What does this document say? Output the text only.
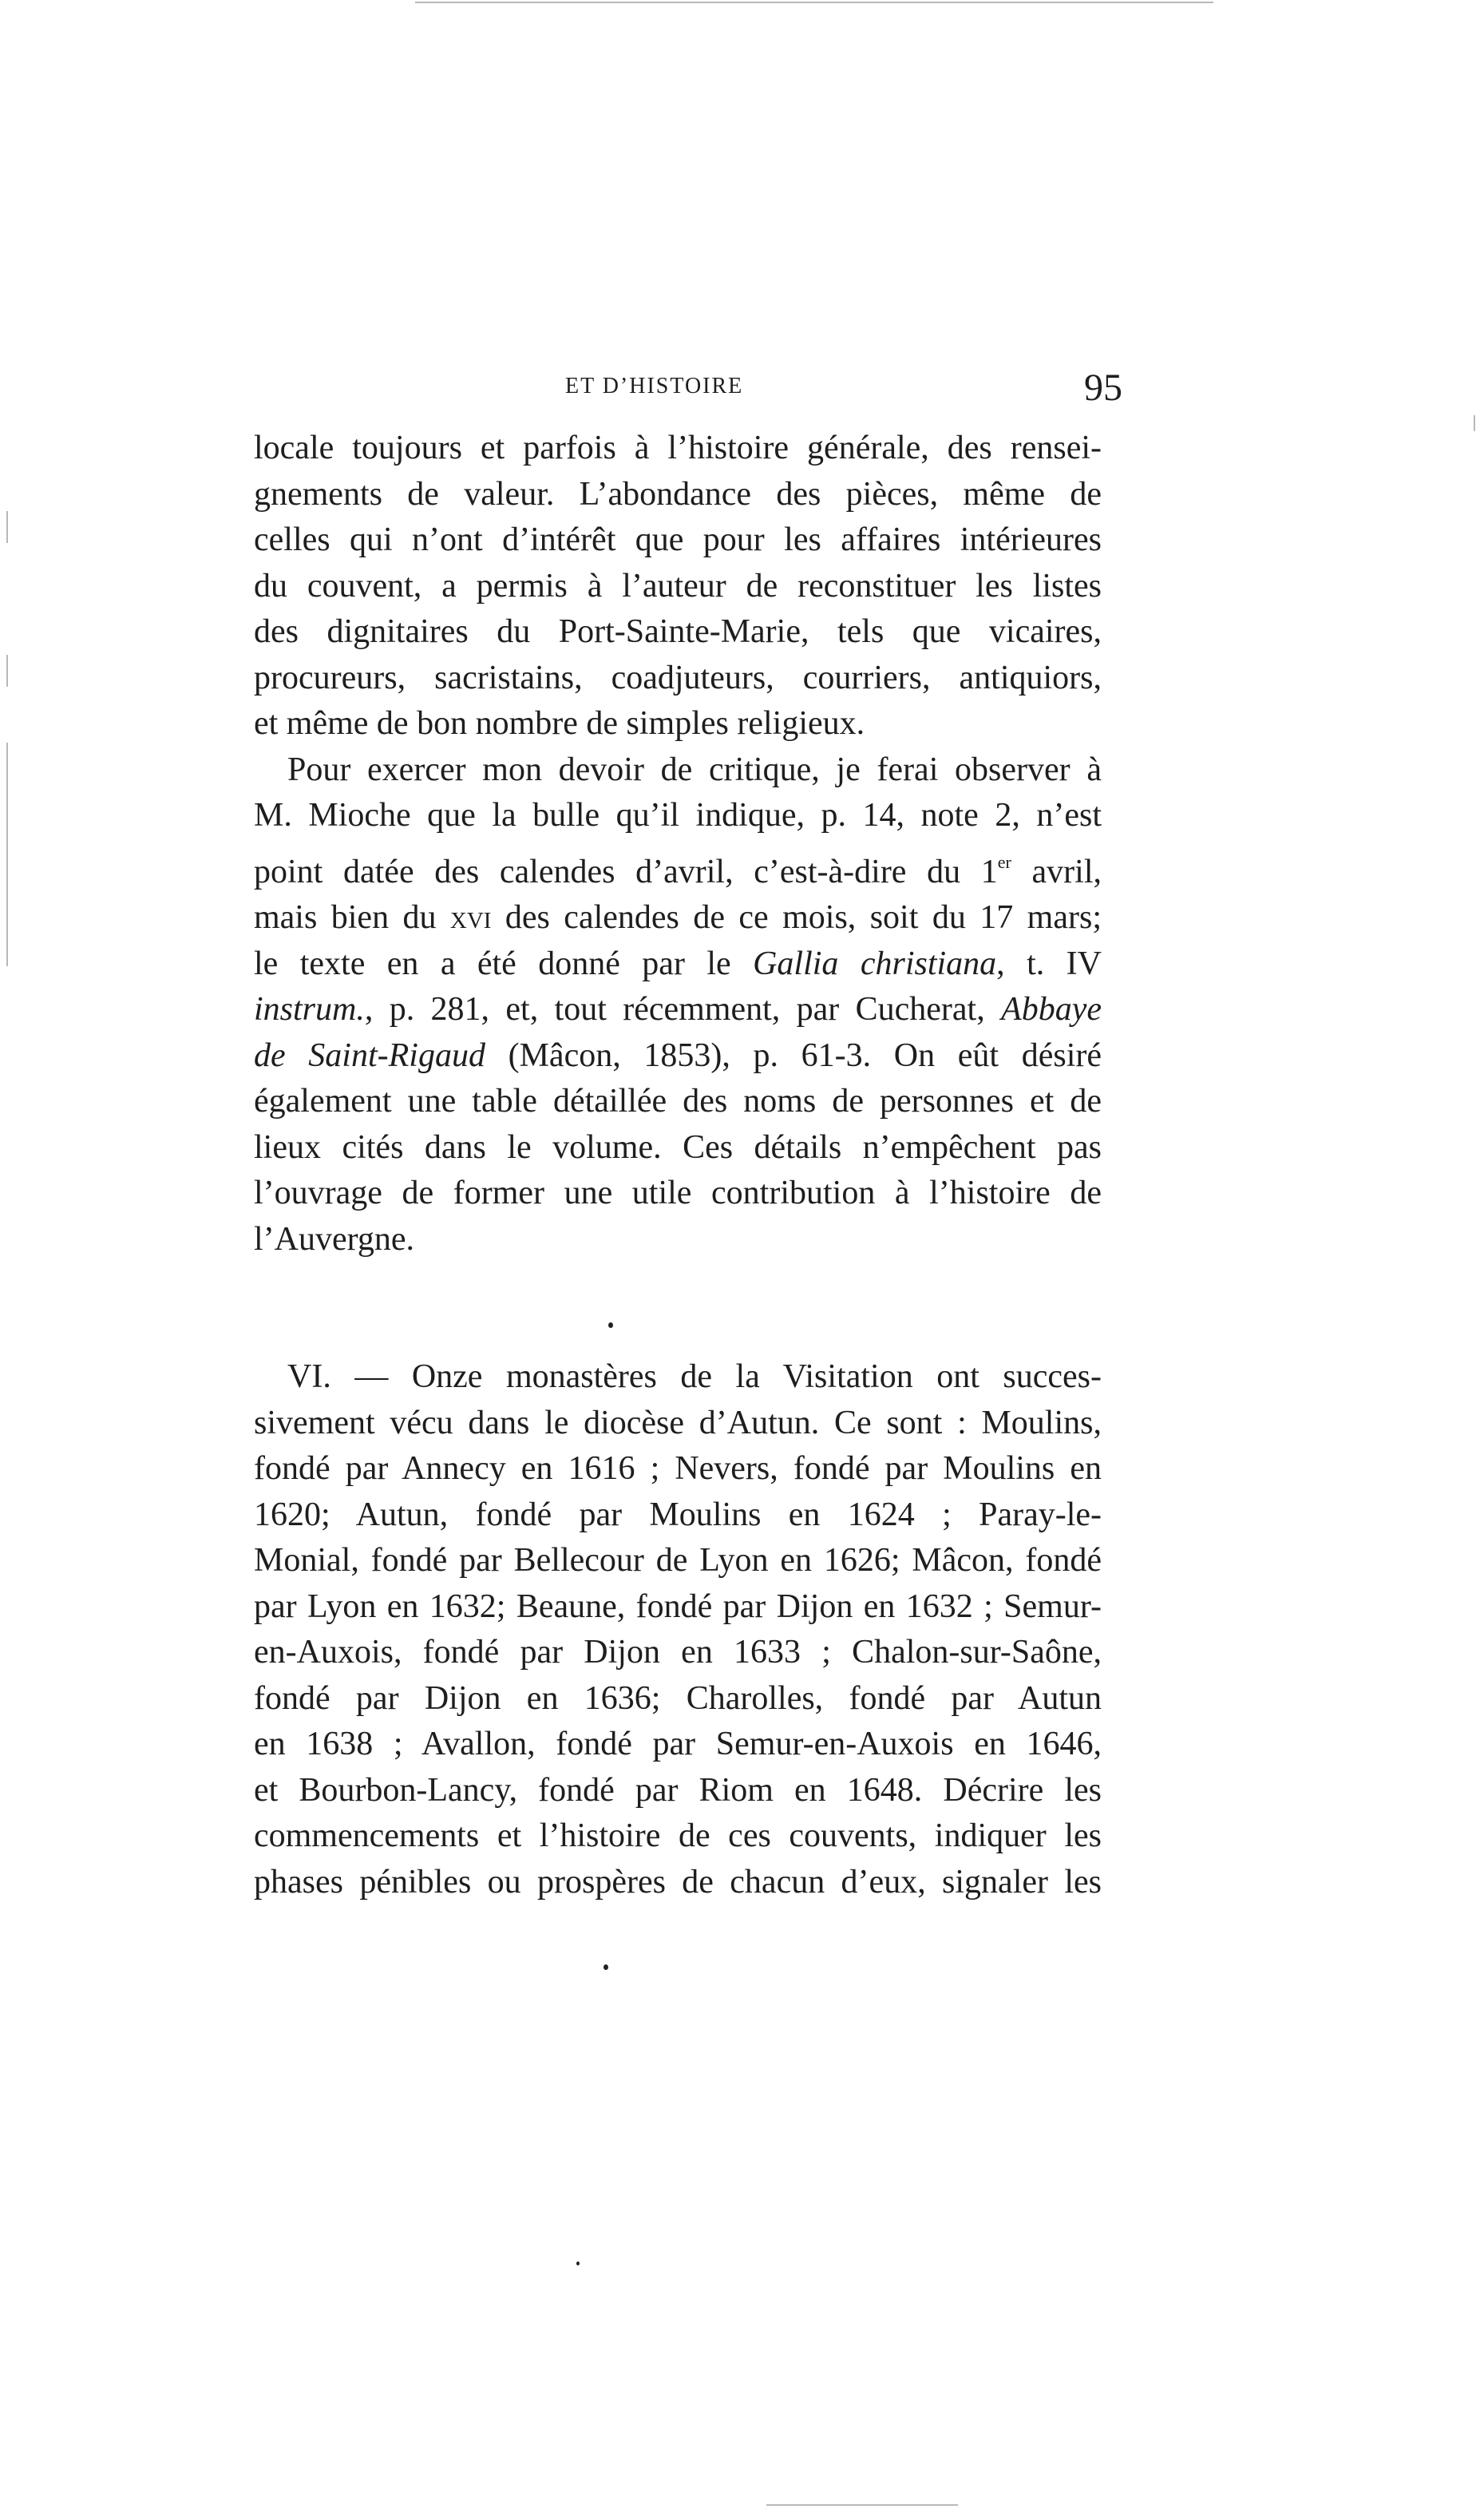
ET D’HISTOIRE	95

locale toujours et parfois à l’histoire générale, des rensei-
gnements de valeur. L’abondance des pièces, même de
celles qui n’ont d’intérêt que pour les affaires intérieures
du couvent, a permis à l’auteur de reconstituer les listes
des dignitaires du Port-Sainte-Marie, tels que vicaires,
procureurs, sacristains, coadjuteurs, courriers, antiquiors,
et même de bon nombre de simples religieux.

Pour exercer mon devoir de critique, je ferai observer à
M. Mioche que la bulle qu’il indique, p. 14, note 2, n’est
point datée des calendes d’avril, c’est-à-dire du 1er avril,
mais bien du xvi des calendes de ce mois, soit du 17 mars;
le texte en a été donné par le Gallia christiana, t. IV
instrum., p. 281, et, tout récemment, par Cucherat, Abbaye
de Saint-Rigaud (Mâcon, 1853), p. 61-3. On eût désiré
également une table détaillée des noms de personnes et de
lieux cités dans le volume. Ces détails n’empêchent pas
l’ouvrage de former une utile contribution à l’histoire de
l’Auvergne.

VI. — Onze monastères de la Visitation ont succes-
sivement vécu dans le diocèse d’Autun. Ce sont : Moulins,
fondé par Annecy en 1616 ; Nevers, fondé par Moulins en
1620; Autun, fondé par Moulins en 1624 ; Paray-le-
Monial, fondé par Bellecour de Lyon en 1626; Mâcon, fondé
par Lyon en 1632; Beaune, fondé par Dijon en 1632 ; Semur-
en-Auxois, fondé par Dijon en 1633 ; Chalon-sur-Saône,
fondé par Dijon en 1636; Charolles, fondé par Autun
en 1638 ; Avallon, fondé par Semur-en-Auxois en 1646,
et Bourbon-Lancy, fondé par Riom en 1648. Décrire les
commencements et l’histoire de ces couvents, indiquer les
phases pénibles ou prospères de chacun d’eux, signaler les
